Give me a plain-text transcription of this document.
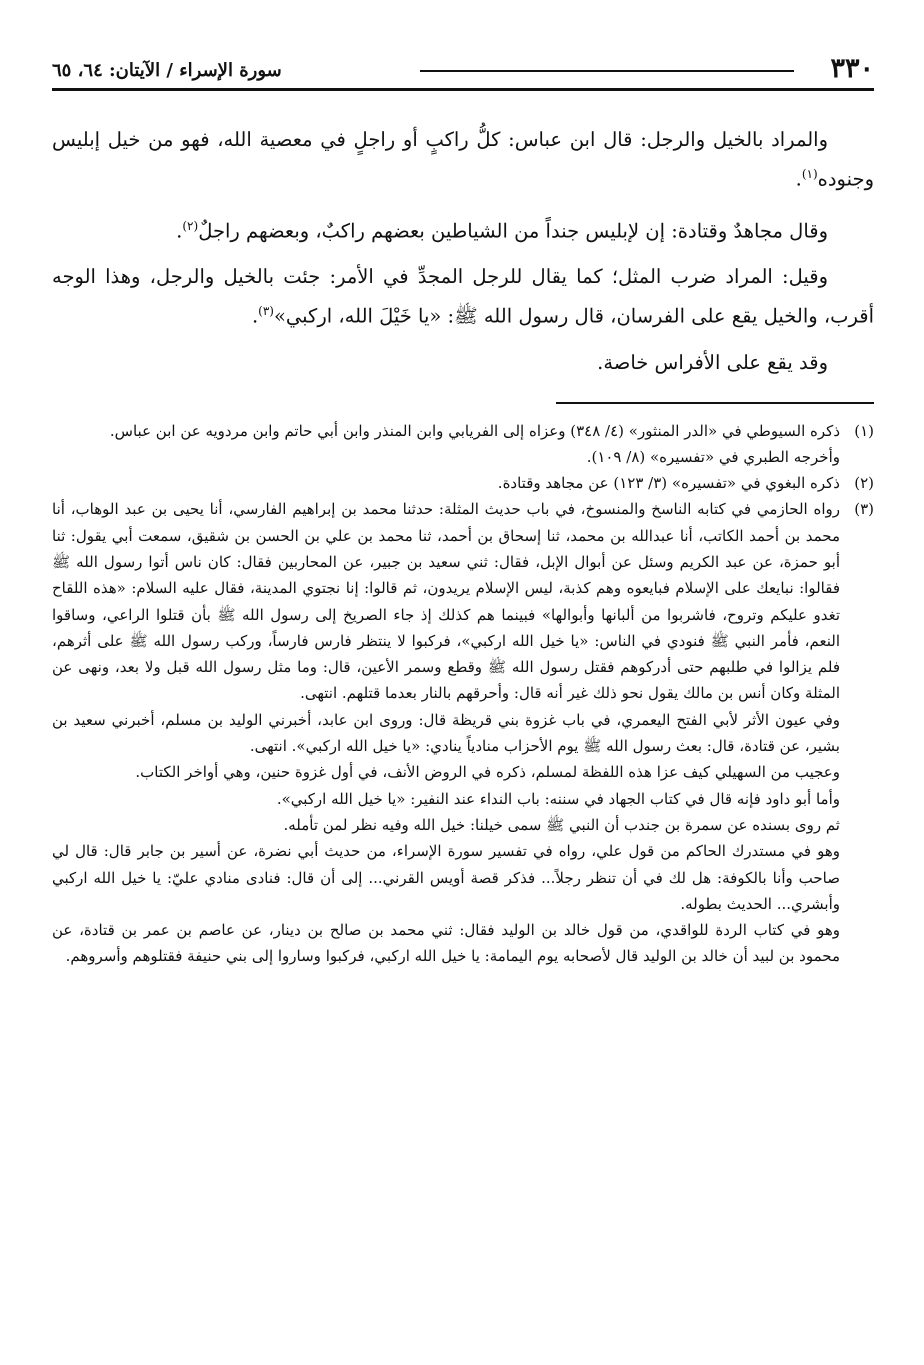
٣٣٠
سورة الإسراء / الآيتان: ٦٤، ٦٥

والمراد بالخيل والرجل: قال ابن عباس: كلُّ راكبٍ أو راجلٍ في معصية الله، فهو من خيل إبليس وجنوده$^{(١)}$.

وقال مجاهدٌ وقتادة: إن لإبليس جنداً من الشياطين بعضهم راكبٌ، وبعضهم راجلٌ$^{(٢)}$.

وقيل: المراد ضرب المثل؛ كما يقال للرجل المجدِّ في الأمر: جئت بالخيل والرجل، وهذا الوجه أقرب، والخيل يقع على الفرسان، قال رسول الله ﷺ: «يا خَيْلَ الله، اركبي»$^{(٣)}$.

وقد يقع على الأفراس خاصة.

(١)
ذكره السيوطي في «الدر المنثور» (٤/ ٣٤٨) وعزاه إلى الفريابي وابن المنذر وابن أبي حاتم وابن مردويه عن ابن عباس.
وأخرجه الطبري في «تفسيره» (٨/ ١٠٩).
(٢)
ذكره البغوي في «تفسيره» (٣/ ١٢٣) عن مجاهد وقتادة.
(٣)
رواه الحازمي في كتابه الناسخ والمنسوخ، في باب حديث المثلة: حدثنا محمد بن إبراهيم الفارسي، أنا يحيى بن عبد الوهاب، أنا محمد بن أحمد الكاتب، أنا عبدالله بن محمد، ثنا إسحاق بن أحمد، ثنا محمد بن علي بن الحسن بن شقيق، سمعت أبي يقول: ثنا أبو حمزة، عن عبد الكريم وسئل عن أبوال الإبل، فقال: ثني سعيد بن جبير، عن المحاربين فقال: كان ناس أتوا رسول الله ﷺ فقالوا: نبايعك على الإسلام فبايعوه وهم كذبة، ليس الإسلام يريدون، ثم قالوا: إنا نجتوي المدينة، فقال عليه السلام: «هذه اللقاح تغدو عليكم وتروح، فاشربوا من ألبانها وأبوالها» فبينما هم كذلك إذ جاء الصريخ إلى رسول الله ﷺ بأن قتلوا الراعي، وساقوا النعم، فأمر النبي ﷺ فنودي في الناس: «يا خيل الله اركبي»، فركبوا لا ينتظر فارس فارساً، وركب رسول الله ﷺ على أثرهم، فلم يزالوا في طلبهم حتى أدركوهم فقتل رسول الله ﷺ وقطع وسمر الأعين، قال: وما مثل رسول الله قبل ولا بعد، ونهى عن المثلة وكان أنس بن مالك يقول نحو ذلك غير أنه قال: وأحرقهم بالنار بعدما قتلهم. انتهى.
وفي عيون الأثر لأبي الفتح اليعمري، في باب غزوة بني قريظة قال: وروى ابن عابد، أخبرني الوليد بن مسلم، أخبرني سعيد بن بشير، عن قتادة، قال: بعث رسول الله ﷺ يوم الأحزاب منادياً ينادي: «يا خيل الله اركبي». انتهى.
وعجيب من السهيلي كيف عزا هذه اللفظة لمسلم، ذكره في الروض الأنف، في أول غزوة حنين، وهي أواخر الكتاب.
وأما أبو داود فإنه قال في كتاب الجهاد في سننه: باب النداء عند النفير: «يا خيل الله اركبي».
ثم روى بسنده عن سمرة بن جندب أن النبي ﷺ سمى خيلنا: خيل الله وفيه نظر لمن تأمله.
وهو في مستدرك الحاكم من قول علي، رواه في تفسير سورة الإسراء، من حديث أبي نضرة، عن أسير بن جابر قال: قال لي صاحب وأنا بالكوفة: هل لك في أن تنظر رجلاً... فذكر قصة أويس القرني... إلى أن قال: فنادى منادي عليّ: يا خيل الله اركبي وأبشري... الحديث بطوله.
وهو في كتاب الردة للواقدي، من قول خالد بن الوليد فقال: ثني محمد بن صالح بن دينار، عن عاصم بن عمر بن قتادة، عن محمود بن لبيد أن خالد بن الوليد قال لأصحابه يوم اليمامة: يا خيل الله اركبي، فركبوا وساروا إلى بني حنيفة فقتلوهم وأسروهم.
